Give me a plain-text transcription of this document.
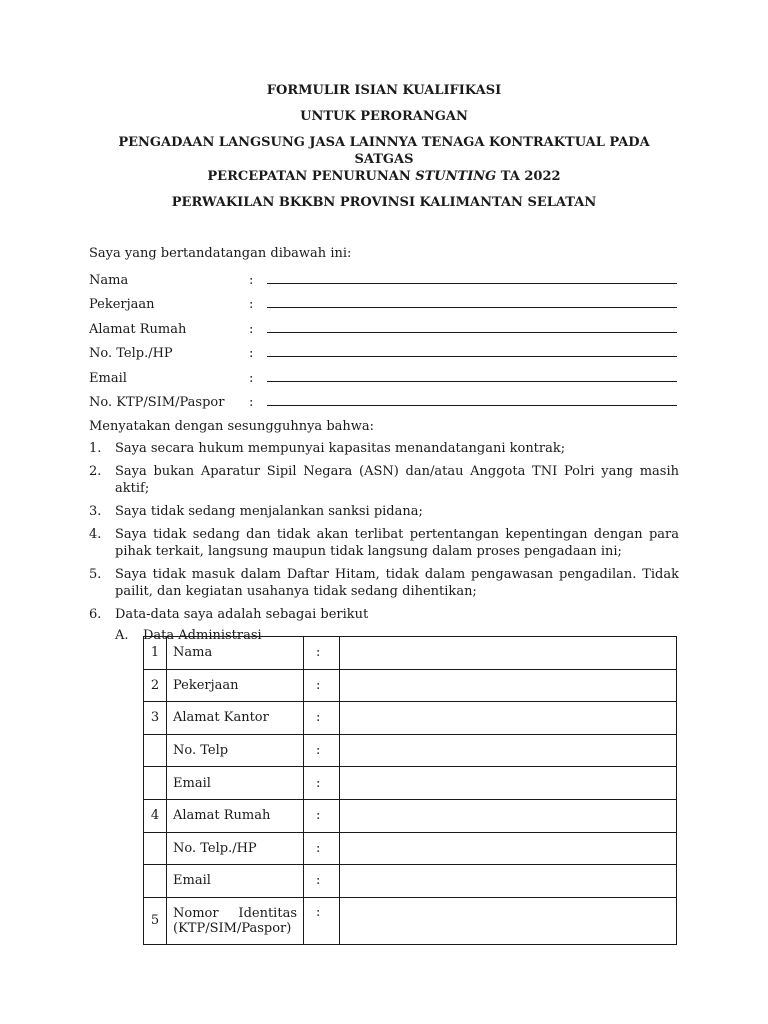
FORMULIR ISIAN KUALIFIKASI
UNTUK PERORANGAN
PENGADAAN LANGSUNG JASA LAINNYA TENAGA KONTRAKTUAL PADA SATGAS
PERCEPATAN PENURUNAN STUNTING TA 2022
PERWAKILAN BKKBN PROVINSI KALIMANTAN SELATAN
Saya yang bertandatangan dibawah ini:
Nama	:
Pekerjaan	:
Alamat Rumah	:
No. Telp./HP	:
Email	:
No. KTP/SIM/Paspor	:
Menyatakan dengan sesungguhnya bahwa:
1.	Saya secara hukum mempunyai kapasitas menandatangani kontrak;
2.	Saya bukan Aparatur Sipil Negara (ASN) dan/atau Anggota TNI Polri yang masih aktif;
3.	Saya tidak sedang menjalankan sanksi pidana;
4.	Saya tidak sedang dan tidak akan terlibat pertentangan kepentingan dengan para pihak terkait, langsung maupun tidak langsung dalam proses pengadaan ini;
5.	Saya tidak masuk dalam Daftar Hitam, tidak dalam pengawasan pengadilan. Tidak pailit, dan kegiatan usahanya tidak sedang dihentikan;
6.	Data-data saya adalah sebagai berikut
A.	Data Administrasi
1	Nama	:	
2	Pekerjaan	:	
3	Alamat Kantor	:	
	No. Telp	:	
	Email	:	
4	Alamat Rumah	:	
	No. Telp./HP	:	
	Email	:	
5	Nomor Identitas
(KTP/SIM/Paspor)	:	
